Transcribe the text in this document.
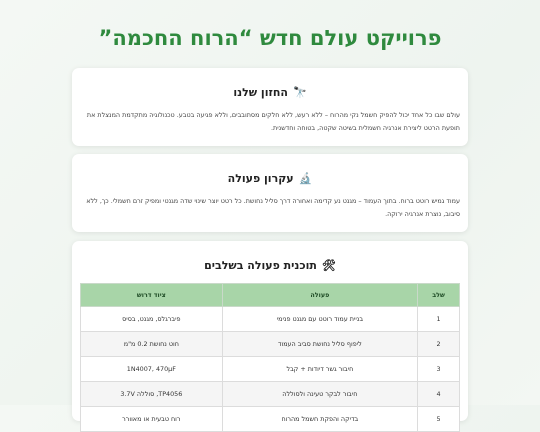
פרוייקט עולם חדש “הרוח החכמה”
🔭
החזון שלנו

עולם שבו כל אחד יכול להפיק חשמל נקי מהרוח – ללא רעש, ללא חלקים מסתובבים, וללא פגיעה בטבע. טכנולוגיה מתקדמת המנצלת את תופעת הרטט ליצירת אנרגיה חשמלית בשיטה שקטה, בטוחה וחדשנית.

🔬
עקרון פעולה

עמוד גמיש רוטט ברוח. בתוך העמוד – מגנט נע קדימה ואחורה דרך סליל נחושת. כל רטט יוצר שינוי שדה מגנטי ומפיק זרם חשמלי. כך, ללא סיבוב, נוצרת אנרגיה ירוקה.

🛠
תוכנית פעולה בשלבים
שלב	פעולה	ציוד דרוש
1	בניית עמוד רוטט עם מגנט פנימי	פיברגלס, מגנט, בסיס
2	ליפוף סליל נחושת סביב העמוד	חוט נחושת 0.2 מ"מ
3	חיבור גשר דיודות + קבל	1N4007, 470μF
4	חיבור לבקר טעינה ולסוללה	TP4056, סוללה 3.7V
5	בדיקה והפקת חשמל מהרוח	רוח טבעית או מאוורר
